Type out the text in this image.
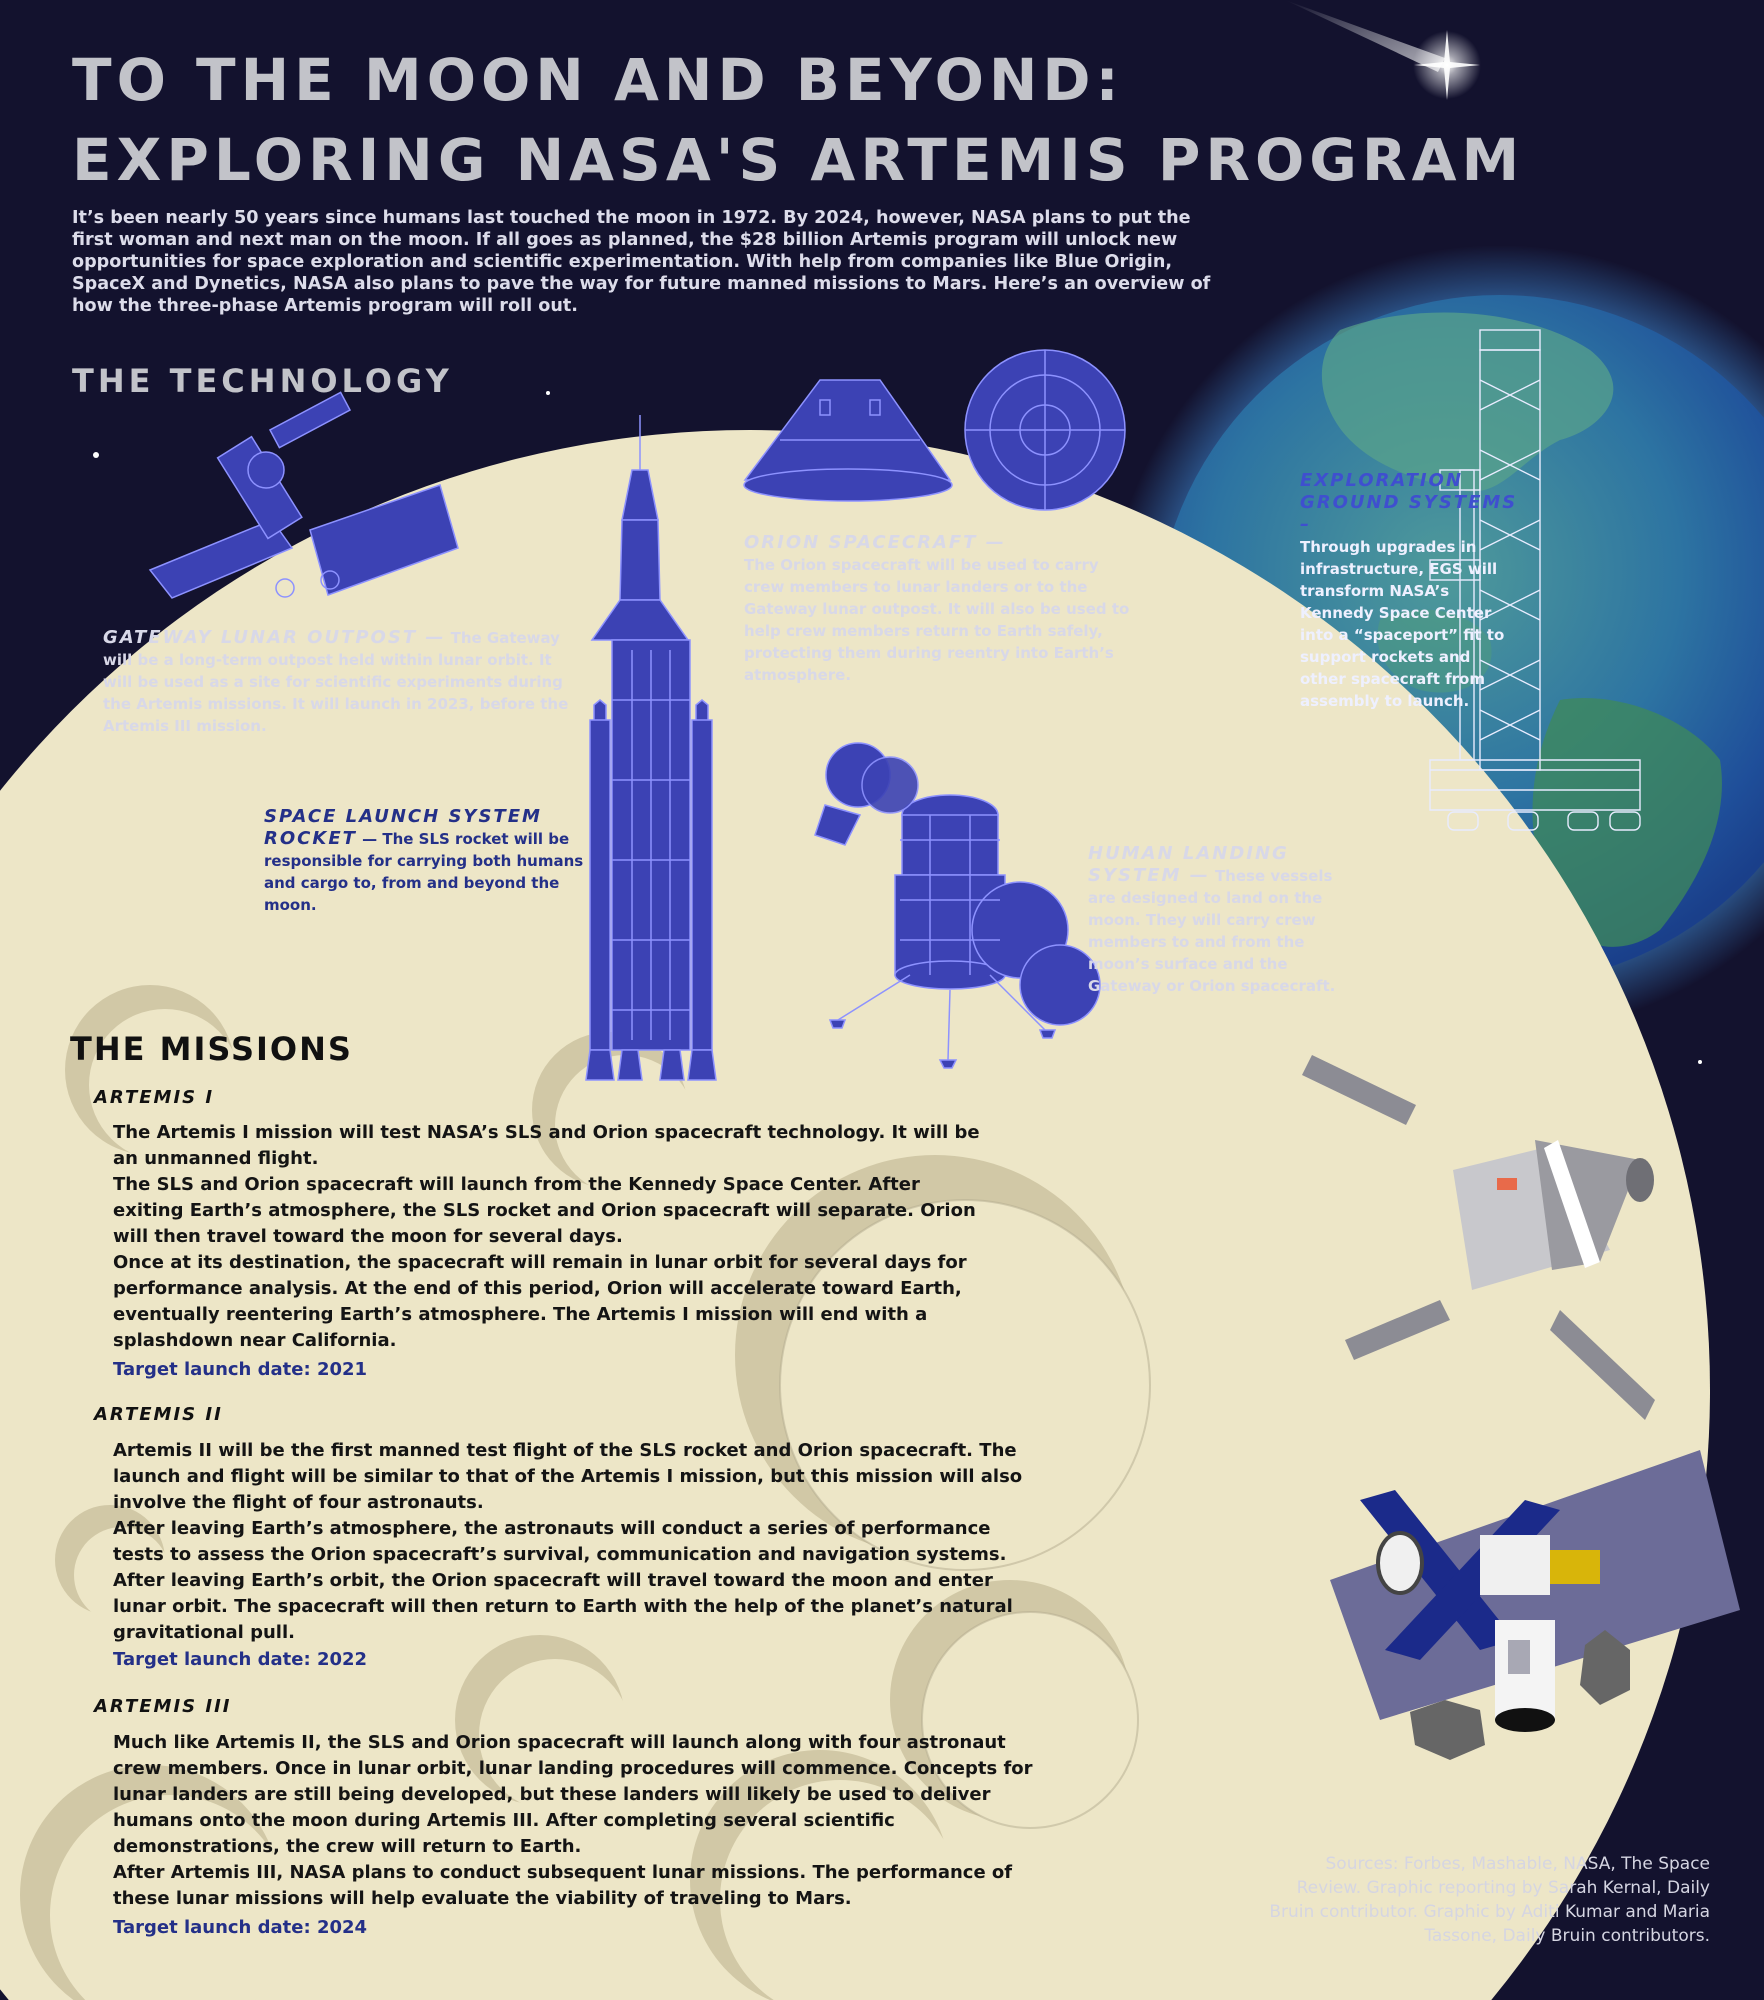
TO THE MOON AND BEYOND:
EXPLORING NASA'S ARTEMIS PROGRAM
It’s been nearly 50 years since humans last touched the moon in 1972. By 2024, however, NASA plans to put the first woman and next man on the moon. If all goes as planned, the $28 billion Artemis program will unlock new opportunities for space exploration and scientific experimentation. With help from companies like Blue Origin, SpaceX and Dynetics, NASA also plans to pave the way for future manned missions to Mars. Here’s an overview of how the three-phase Artemis program will roll out.
THE TECHNOLOGY
GATEWAY LUNAR OUTPOST — The Gateway will be a long-term outpost held within lunar orbit. It will be used as a site for scientific experiments during the Artemis missions. It will launch in 2023, before the Artemis III mission.
ORION SPACECRAFT —
The Orion spacecraft will be used to carry crew members to lunar landers or to the Gateway lunar outpost. It will also be used to help crew members return to Earth safely, protecting them during reentry into Earth’s atmosphere.
EXPLORATION GROUND SYSTEMS –
Through upgrades in infrastructure, EGS will transform NASA’s Kennedy Space Center into a “spaceport” fit to support rockets and other spacecraft from assembly to launch.
SPACE LAUNCH SYSTEM ROCKET — The SLS rocket will be responsible for carrying both humans and cargo to, from and beyond the moon.
HUMAN LANDING SYSTEM — These vessels are designed to land on the moon. They will carry crew members to and from the moon’s surface and the Gateway or Orion spacecraft.
THE MISSIONS
ARTEMIS I

The Artemis I mission will test NASA’s SLS and Orion spacecraft technology. It will be an unmanned flight.

The SLS and Orion spacecraft will launch from the Kennedy Space Center. After exiting Earth’s atmosphere, the SLS rocket and Orion spacecraft will separate. Orion will then travel toward the moon for several days.

Once at its destination, the spacecraft will remain in lunar orbit for several days for performance analysis. At the end of this period, Orion will accelerate toward Earth, eventually reentering Earth’s atmosphere. The Artemis I mission will end with a splashdown near California.

Target launch date: 2021
ARTEMIS II

Artemis II will be the first manned test flight of the SLS rocket and Orion spacecraft. The launch and flight will be similar to that of the Artemis I mission, but this mission will also involve the flight of four astronauts.

After leaving Earth’s atmosphere, the astronauts will conduct a series of performance tests to assess the Orion spacecraft’s survival, communication and navigation systems. After leaving Earth’s orbit, the Orion spacecraft will travel toward the moon and enter lunar orbit. The spacecraft will then return to Earth with the help of the planet’s natural gravitational pull.

Target launch date: 2022
ARTEMIS III

Much like Artemis II, the SLS and Orion spacecraft will launch along with four astronaut crew members. Once in lunar orbit, lunar landing procedures will commence. Concepts for lunar landers are still being developed, but these landers will likely be used to deliver humans onto the moon during Artemis III. After completing several scientific demonstrations, the crew will return to Earth.

After Artemis III, NASA plans to conduct subsequent lunar missions. The performance of these lunar missions will help evaluate the viability of traveling to Mars.

Target launch date: 2024
Sources: Forbes, Mashable, NASA, The Space Review. Graphic reporting by Sarah Kernal, Daily Bruin contributor. Graphic by Aditi Kumar and Maria Tassone, Daily Bruin contributors.
